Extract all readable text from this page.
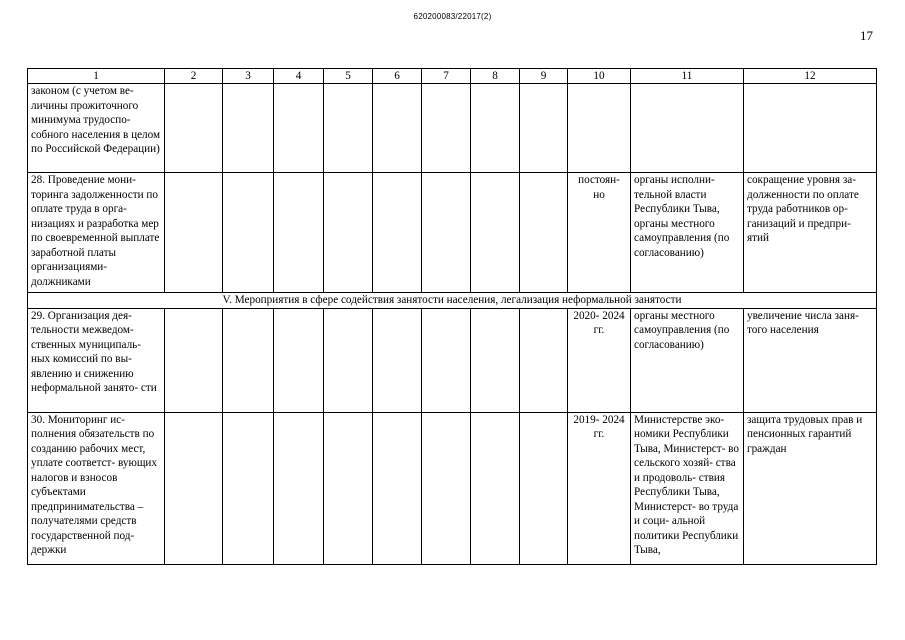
620200083/22017(2)
17
1	2	3	4	5	6	7	8	9	10	11	12
законом (с учетом ве- личины прожиточного минимума трудоспо- собного населения в целом по Российской Федерации)											
28. Проведение мони- торинга задолженности по оплате труда в орга- низациях и разработка мер по своевременной выплате заработной платы организациями- должниками									постоян- но	органы исполни- тельной власти Республики Тыва, органы местного самоуправления (по согласованию)	сокращение уровня за- долженности по оплате труда работников ор- ганизаций и предпри- ятий
V. Мероприятия в сфере содействия занятости населения, легализация неформальной занятости											
29. Организация дея- тельности межведом- ственных муниципаль- ных комиссий по вы- явлению и снижению неформальной занято- сти									2020- 2024 гг.	органы местного самоуправления (по согласованию)	увеличение числа заня- того населения
30. Мониторинг ис- полнения обязательств по созданию рабочих мест, уплате соответст- вующих налогов и взносов субъектами предпринимательства – получателями средств государственной под- держки									2019- 2024 гг.	Министерстве эко- номики Республики Тыва, Министерст- во сельского хозяй- ства и продоволь- ствия Республики Тыва, Министерст- во труда и соци- альной политики Республики Тыва,	защита трудовых прав и пенсионных гарантий граждан
